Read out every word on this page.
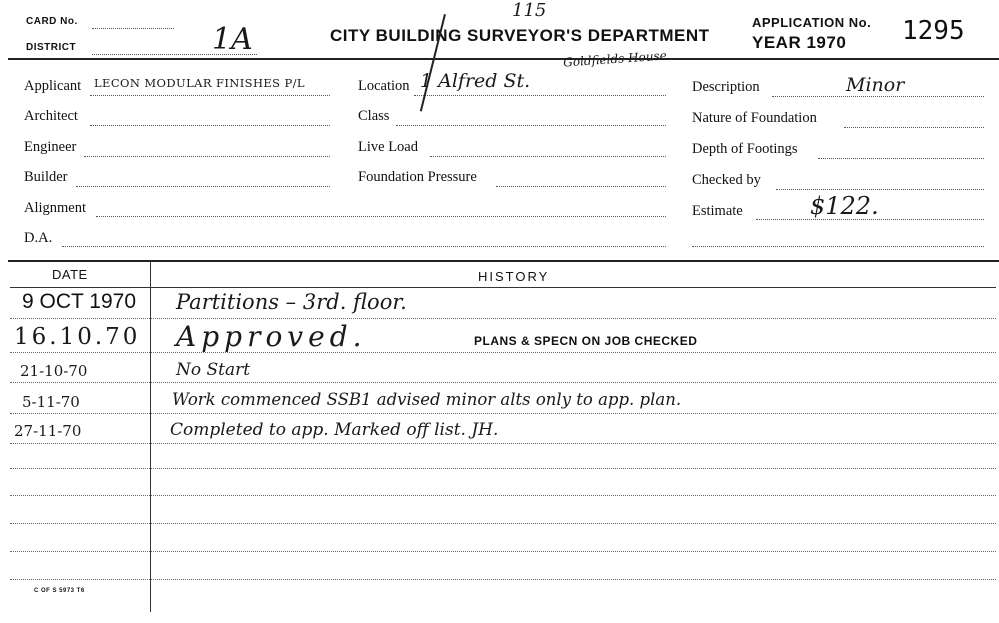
CARD No.
DISTRICT	1A	CITY BUILDING SURVEYOR'S DEPARTMENT
115
APPLICATION No.
YEAR 1970 1295
Applicant LECON MODULAR FINISHES P/L
Architect
Engineer
Builder
Alignment
D.A.
Location 1 Alfred St.
Goldfields House
Class
Live Load
Foundation Pressure
Description	Minor
Nature of Foundation
Depth of Footings
Checked by
Estimate	$122.
DATE	HISTORY
9 OCT 1970 Partitions – 3rd. floor.
16.10.70 Approved.	PLANS & SPECN ON JOB CHECKED
21-10-70	No Start
5-11-70	Work commenced SSB1 advised minor alts only to app. plan.
27-11-70	Completed to app. Marked off list. JH.
C OF S 5973 T6
